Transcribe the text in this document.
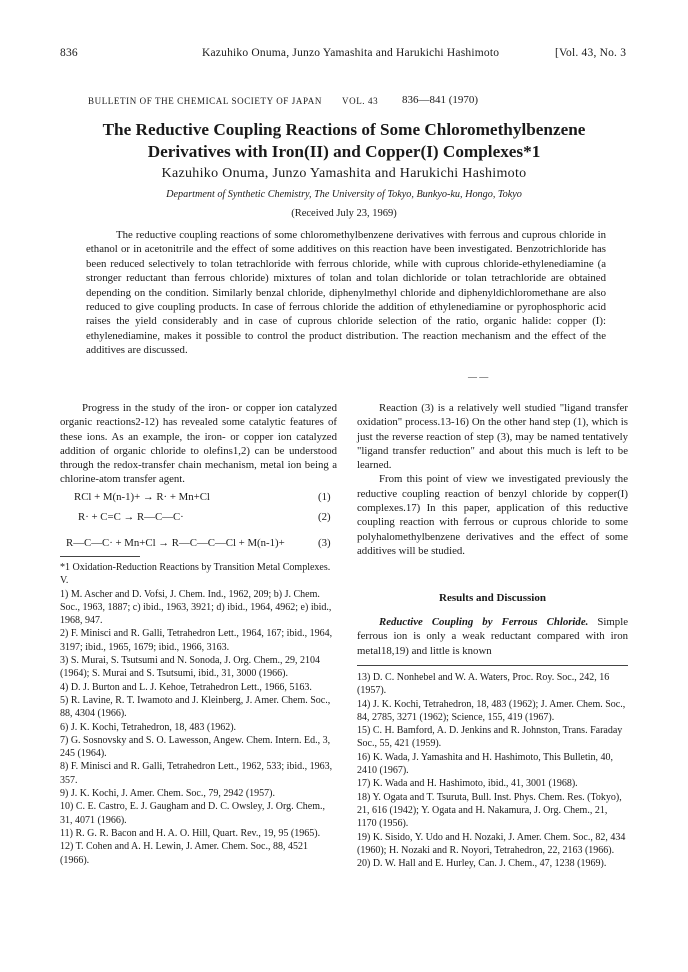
836	Kazuhiko Onuma, Junzo Yamashita and Harukichi Hashimoto	[Vol. 43, No. 3
BULLETIN OF THE CHEMICAL SOCIETY OF JAPAN VOL. 43 836—841 (1970)
The Reductive Coupling Reactions of Some Chloromethylbenzene
Derivatives with Iron(II) and Copper(I) Complexes*1
Kazuhiko Onuma, Junzo Yamashita and Harukichi Hashimoto
Department of Synthetic Chemistry, The University of Tokyo, Bunkyo-ku, Hongo, Tokyo
(Received July 23, 1969)
The reductive coupling reactions of some chloromethylbenzene derivatives with ferrous and cuprous chloride in ethanol or in acetonitrile and the effect of some additives on this reaction have been investigated. Benzotrichloride has been reduced selectively to tolan tetrachloride with ferrous chloride, while with cuprous chloride-ethylenediamine (a stronger reductant than ferrous chloride) mixtures of tolan and tolan dichloride or tolan tetrachloride are obtained depending on the condition. Similarly benzal chloride, diphenylmethyl chloride and diphenyldichloromethane are also reduced to give coupling products. In case of ferrous chloride the addition of ethylenediamine or pyrophosphoric acid raises the yield considerably and in case of cuprous chloride selection of the ratio, organic halide: copper (I): ethylenediamine, makes it possible to control the product distribution. The reaction mechanism and the effect of the additives are discussed.
— —

Progress in the study of the iron- or copper ion catalyzed organic reactions2-12) has revealed some catalytic features of these ions. As an example, the iron- or copper ion catalyzed addition of organic chloride to olefins1,2) can be understood through the redox-transfer chain mechanism, metal ion being a chlorine-atom transfer agent.

RCl + M(n-1)+ → R· + Mn+Cl	(1)
R· + C=C → R—C—C·	(2)
R—C—C· + Mn+Cl → R—C—C—Cl + M(n-1)+	(3)

*1 Oxidation-Reduction Reactions by Transition Metal Complexes. V.

1) M. Ascher and D. Vofsi, J. Chem. Ind., 1962, 209; b) J. Chem. Soc., 1963, 1887; c) ibid., 1963, 3921; d) ibid., 1964, 4962; e) ibid., 1968, 947.

2) F. Minisci and R. Galli, Tetrahedron Lett., 1964, 167; ibid., 1964, 3197; ibid., 1965, 1679; ibid., 1966, 3163.

3) S. Murai, S. Tsutsumi and N. Sonoda, J. Org. Chem., 29, 2104 (1964); S. Murai and S. Tsutsumi, ibid., 31, 3000 (1966).

4) D. J. Burton and L. J. Kehoe, Tetrahedron Lett., 1966, 5163.

5) R. Lavine, R. T. Iwamoto and J. Kleinberg, J. Amer. Chem. Soc., 88, 4304 (1966).

6) J. K. Kochi, Tetrahedron, 18, 483 (1962).

7) G. Sosnovsky and S. O. Lawesson, Angew. Chem. Intern. Ed., 3, 245 (1964).

8) F. Minisci and R. Galli, Tetrahedron Lett., 1962, 533; ibid., 1963, 357.

9) J. K. Kochi, J. Amer. Chem. Soc., 79, 2942 (1957).

10) C. E. Castro, E. J. Gaugham and D. C. Owsley, J. Org. Chem., 31, 4071 (1966).

11) R. G. R. Bacon and H. A. O. Hill, Quart. Rev., 19, 95 (1965).

12) T. Cohen and A. H. Lewin, J. Amer. Chem. Soc., 88, 4521 (1966).

Reaction (3) is a relatively well studied "ligand transfer oxidation" process.13-16) On the other hand step (1), which is just the reverse reaction of step (3), may be named tentatively "ligand transfer reduction" and about this much is left to be learned.

From this point of view we investigated previously the reductive coupling reaction of benzyl chloride by copper(I) complexes.17) In this paper, application of this reductive coupling reaction with ferrous or cuprous chloride to some polyhalomethylbenzene derivatives and the effect of some additives will be studied.

Results and Discussion

Reductive Coupling by Ferrous Chloride. Simple ferrous ion is only a weak reductant compared with iron metal18,19) and little is known

13) D. C. Nonhebel and W. A. Waters, Proc. Roy. Soc., 242, 16 (1957).

14) J. K. Kochi, Tetrahedron, 18, 483 (1962); J. Amer. Chem. Soc., 84, 2785, 3271 (1962); Science, 155, 419 (1967).

15) C. H. Bamford, A. D. Jenkins and R. Johnston, Trans. Faraday Soc., 55, 421 (1959).

16) K. Wada, J. Yamashita and H. Hashimoto, This Bulletin, 40, 2410 (1967).

17) K. Wada and H. Hashimoto, ibid., 41, 3001 (1968).

18) Y. Ogata and T. Tsuruta, Bull. Inst. Phys. Chem. Res. (Tokyo), 21, 616 (1942); Y. Ogata and H. Nakamura, J. Org. Chem., 21, 1170 (1956).

19) K. Sisido, Y. Udo and H. Nozaki, J. Amer. Chem. Soc., 82, 434 (1960); H. Nozaki and R. Noyori, Tetrahedron, 22, 2163 (1966).

20) D. W. Hall and E. Hurley, Can. J. Chem., 47, 1238 (1969).
